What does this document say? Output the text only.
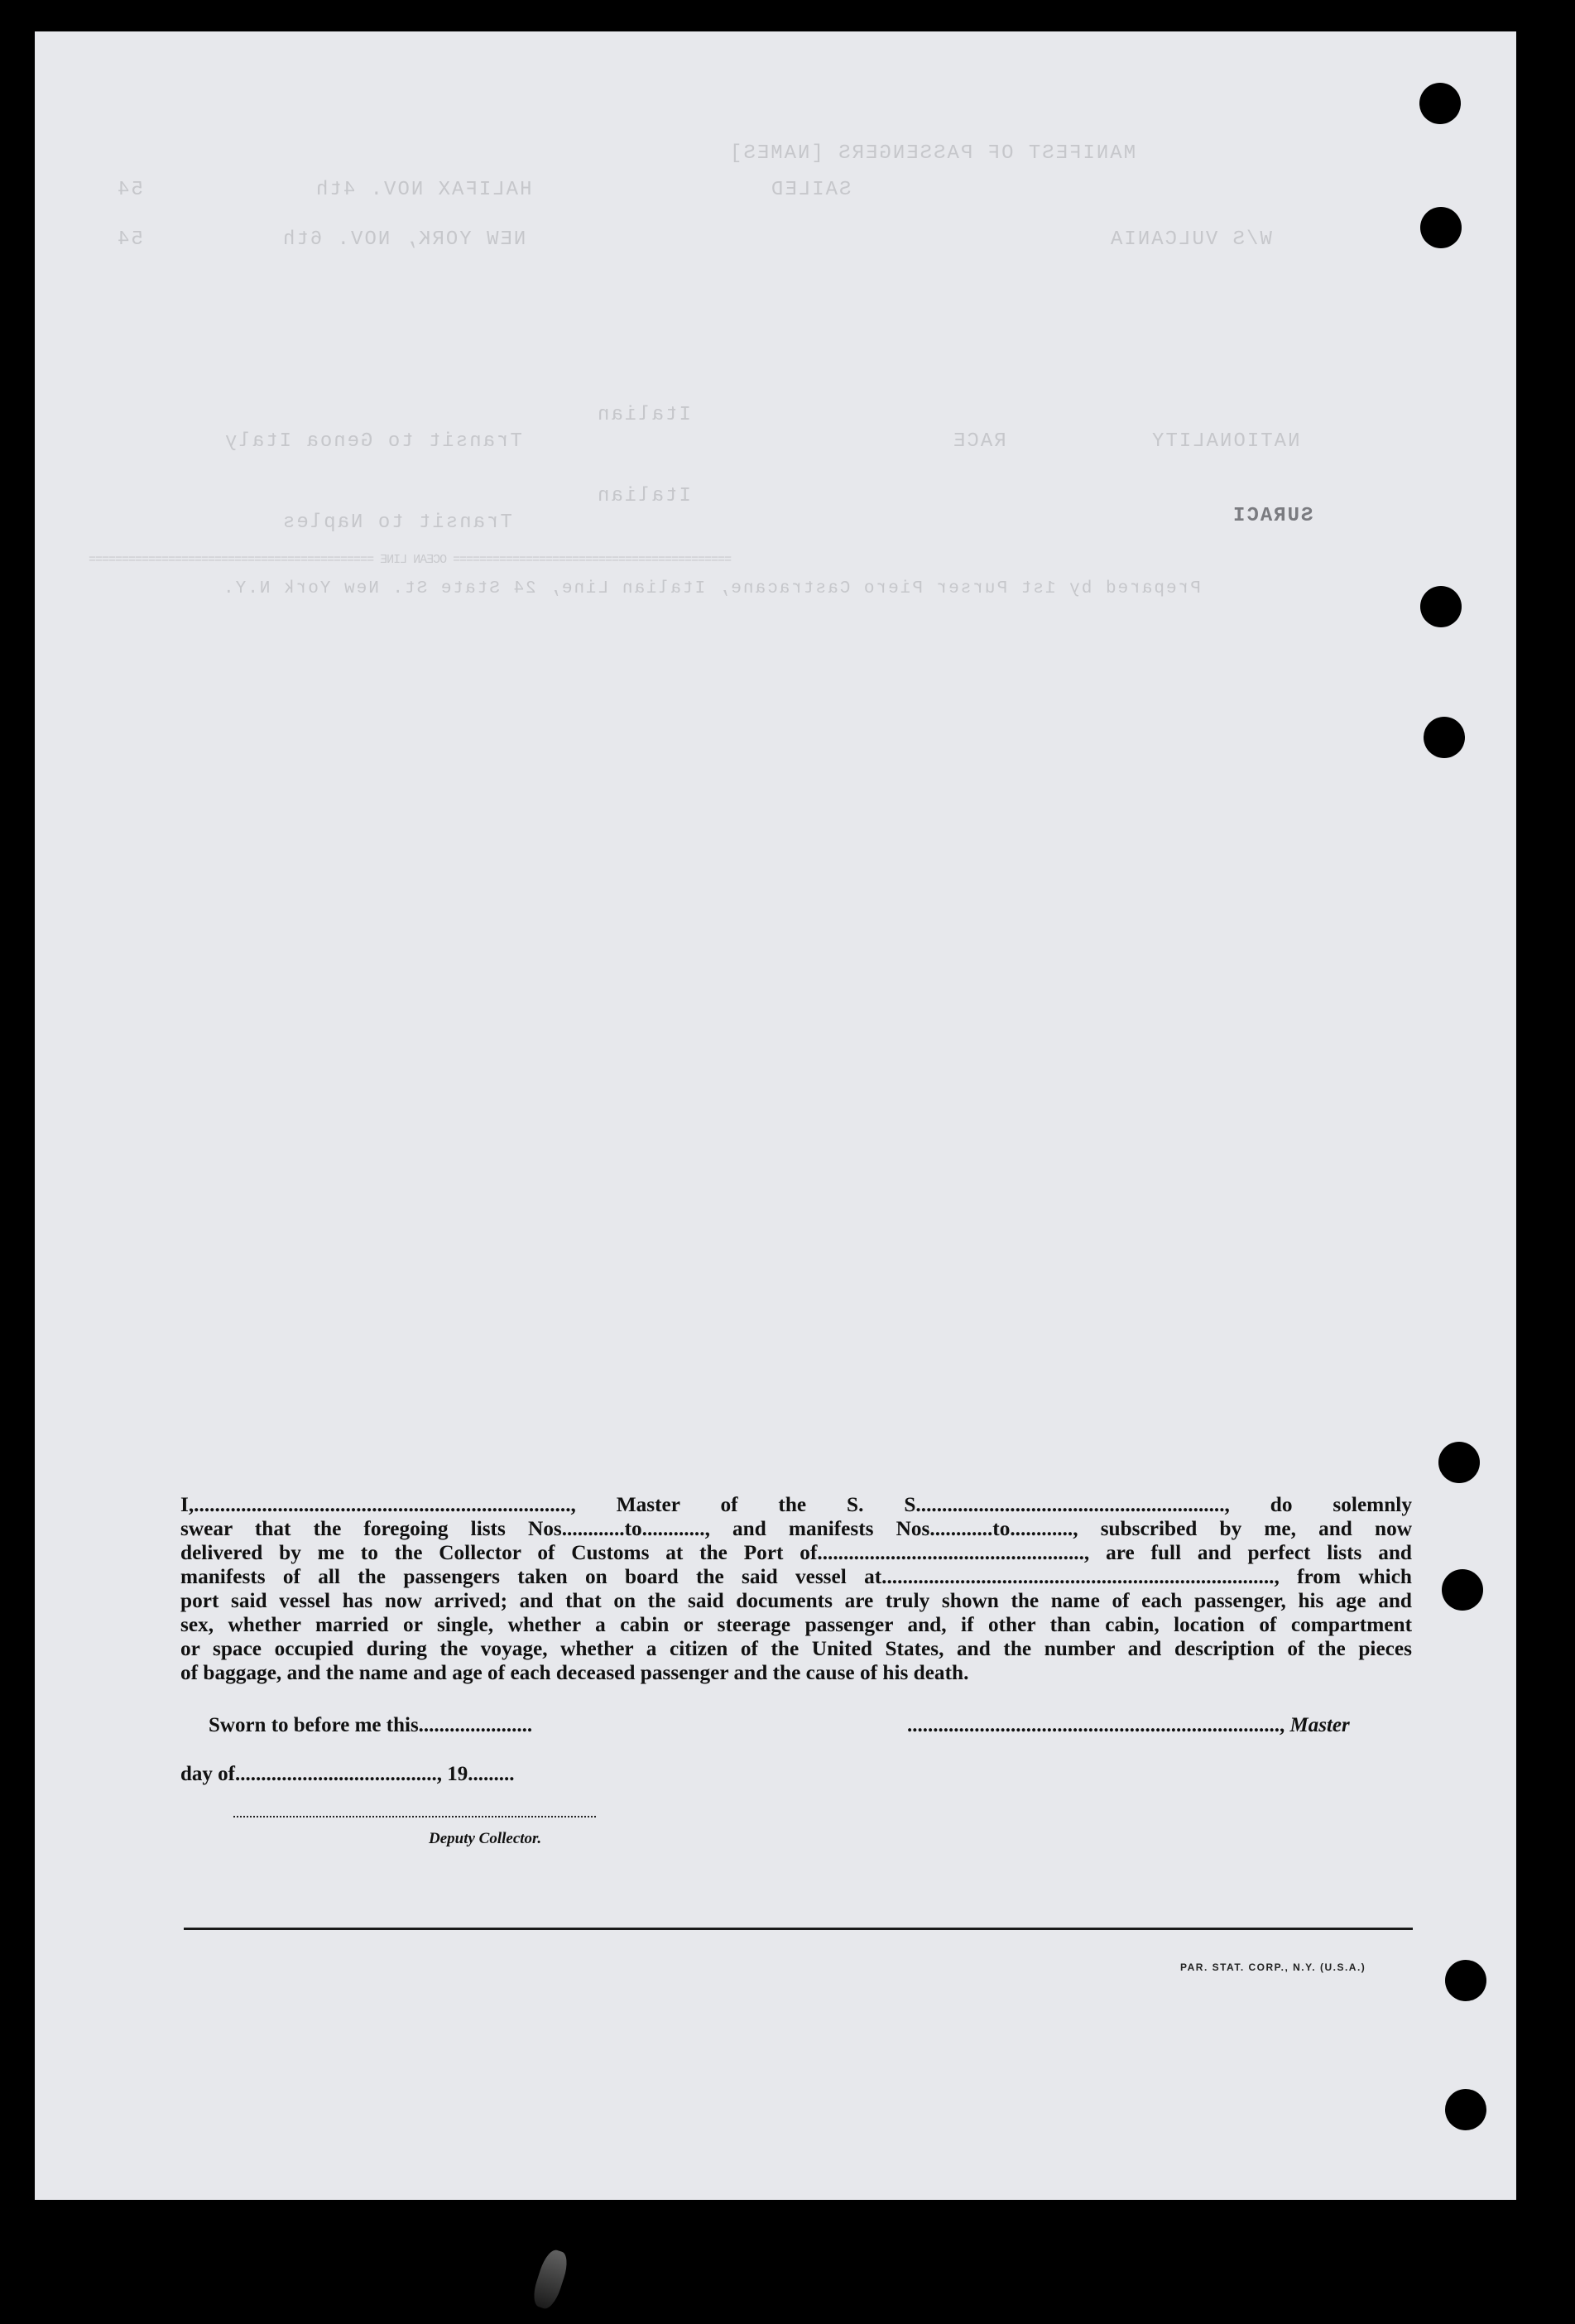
MANIFEST OF PASSENGERS [NAMES]
SAILED
HALIFAX NOV. 4th
54
W/S VULCANIA
NEW YORK, NOV. 6th
54
NATIONALITY
RACE
Transit to Genoa Italy
Italian
Italian
SURACI
Transit to Naples
========================================== OCEAN LINE ===========================================
Prepared by 1st Purser Piero Castracane, Italian Line, 24 State St. New York N.Y.

I,........................................................................, Master of the S. S..........................................................., do solemnly

swear that the foregoing lists Nos............to............, and manifests Nos............to............, subscribed by me, and now

delivered by me to the Collector of Customs at the Port of..................................................., are full and perfect lists and

manifests of all the passengers taken on board the said vessel at..........................................................................., from which

port said vessel has now arrived; and that on the said documents are truly shown the name of each passenger, his age and

sex, whether married or single, whether a cabin or steerage passenger and, if other than cabin, location of compartment

or space occupied during the voyage, whether a citizen of the United States, and the number and description of the pieces

of baggage, and the name and age of each deceased passenger and the cause of his death.

Sworn to before me this......................	........................................................................, Master
day of......................................., 19.........
Deputy Collector.
PAR. STAT. CORP., N.Y. (U.S.A.)
